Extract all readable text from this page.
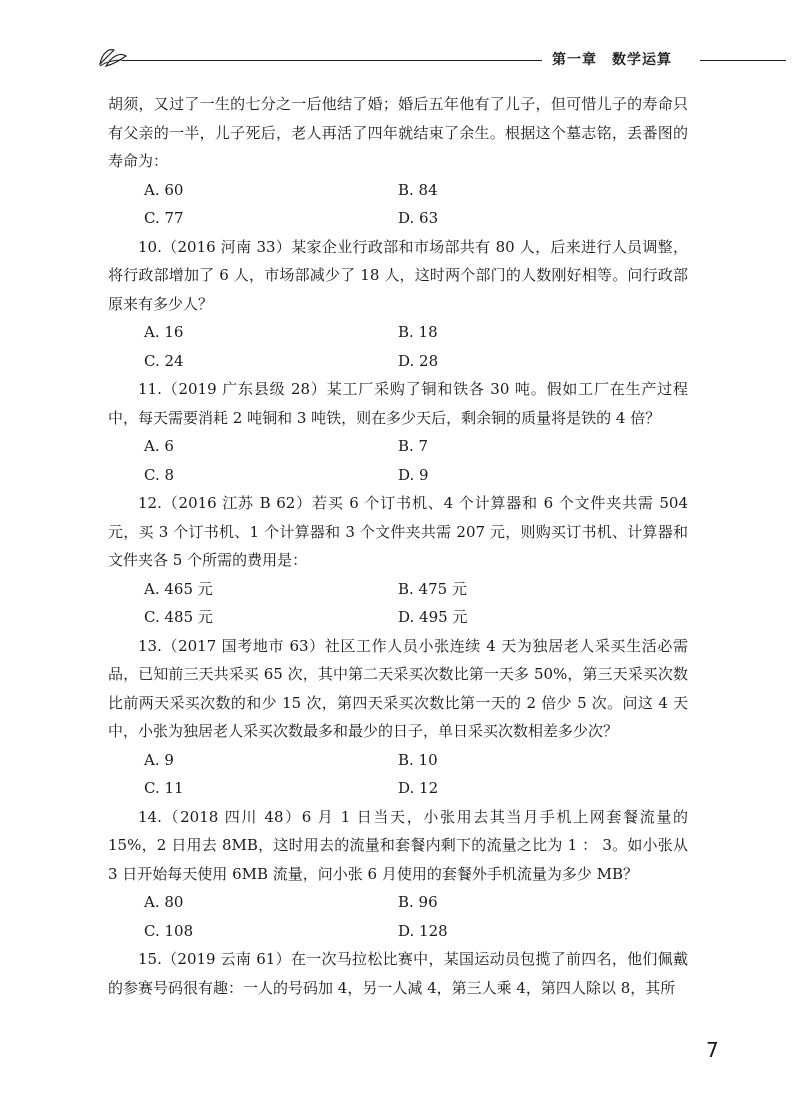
第一章　数学运算

胡须，又过了一生的七分之一后他结了婚；婚后五年他有了儿子，但可惜儿子的寿命只有父亲的一半，儿子死后，老人再活了四年就结束了余生。根据这个墓志铭，丢番图的寿命为：

A. 60	B. 84
C. 77	D. 63

10.（2016 河南 33）某家企业行政部和市场部共有 80 人，后来进行人员调整，将行政部增加了 6 人，市场部减少了 18 人，这时两个部门的人数刚好相等。问行政部原来有多少人？

A. 16	B. 18
C. 24	D. 28

11.（2019 广东县级 28）某工厂采购了铜和铁各 30 吨。假如工厂在生产过程中，每天需要消耗 2 吨铜和 3 吨铁，则在多少天后，剩余铜的质量将是铁的 4 倍？

A. 6	B. 7
C. 8	D. 9

12.（2016 江苏 B 62）若买 6 个订书机、4 个计算器和 6 个文件夹共需 504 元，买 3 个订书机、1 个计算器和 3 个文件夹共需 207 元，则购买订书机、计算器和文件夹各 5 个所需的费用是：

A. 465 元	B. 475 元
C. 485 元	D. 495 元

13.（2017 国考地市 63）社区工作人员小张连续 4 天为独居老人采买生活必需品，已知前三天共采买 65 次，其中第二天采买次数比第一天多 50%，第三天采买次数比前两天采买次数的和少 15 次，第四天采买次数比第一天的 2 倍少 5 次。问这 4 天中，小张为独居老人采买次数最多和最少的日子，单日采买次数相差多少次？

A. 9	B. 10
C. 11	D. 12

14.（2018 四川 48）6 月 1 日当天，小张用去其当月手机上网套餐流量的 15%，2 日用去 8MB，这时用去的流量和套餐内剩下的流量之比为 1 ： 3。如小张从 3 日开始每天使用 6MB 流量，问小张 6 月使用的套餐外手机流量为多少 MB？

A. 80	B. 96
C. 108	D. 128

15.（2019 云南 61）在一次马拉松比赛中，某国运动员包揽了前四名，他们佩戴的参赛号码很有趣：一人的号码加 4，另一人减 4，第三人乘 4，第四人除以 8，其所

7
